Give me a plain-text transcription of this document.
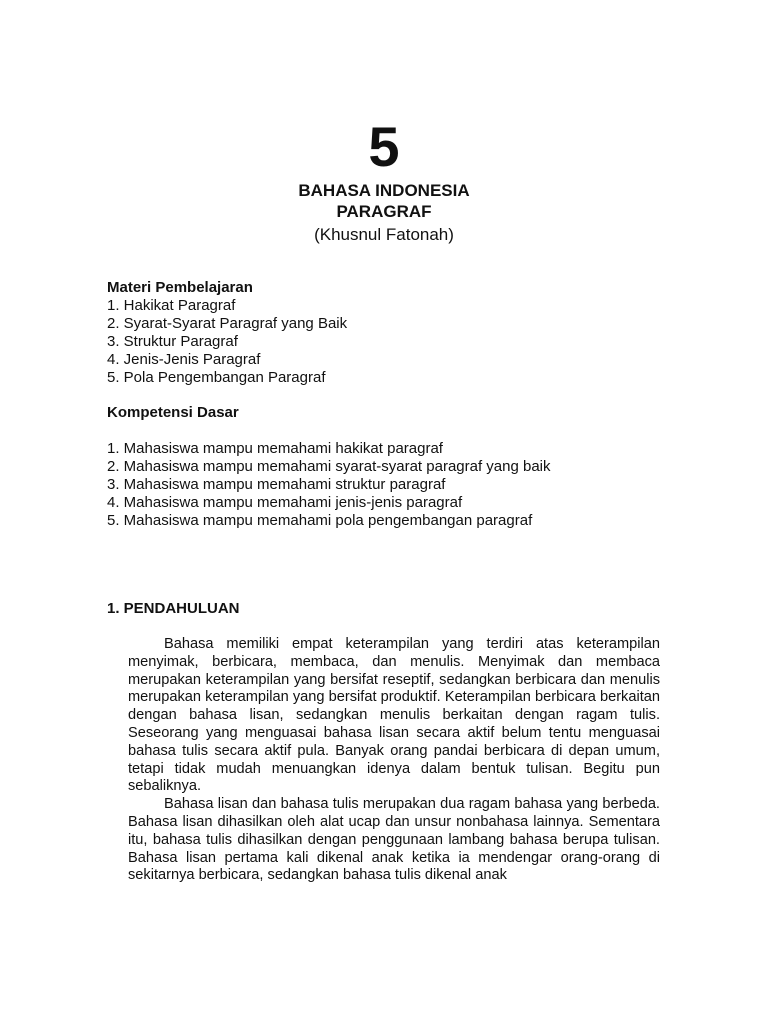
5
BAHASA INDONESIA
PARAGRAF
(Khusnul Fatonah)
Materi Pembelajaran
1. Hakikat Paragraf
2. Syarat-Syarat Paragraf yang Baik
3. Struktur Paragraf
4. Jenis-Jenis Paragraf
5. Pola Pengembangan Paragraf
Kompetensi Dasar
1. Mahasiswa mampu memahami hakikat paragraf
2. Mahasiswa mampu memahami syarat-syarat paragraf yang baik
3. Mahasiswa mampu memahami struktur paragraf
4. Mahasiswa mampu memahami jenis-jenis paragraf
5. Mahasiswa mampu memahami pola pengembangan paragraf
1. PENDAHULUAN

Bahasa memiliki empat keterampilan yang terdiri atas keterampilan menyimak, berbicara, membaca, dan menulis. Menyimak dan membaca merupakan keterampilan yang bersifat reseptif, sedangkan berbicara dan menulis merupakan keterampilan yang bersifat produktif. Keterampilan berbicara berkaitan dengan bahasa lisan, sedangkan menulis berkaitan dengan ragam tulis. Seseorang yang menguasai bahasa lisan secara aktif belum tentu menguasai bahasa tulis secara aktif pula. Banyak orang pandai berbicara di depan umum, tetapi tidak mudah menuangkan idenya dalam bentuk tulisan. Begitu pun sebaliknya.

Bahasa lisan dan bahasa tulis merupakan dua ragam bahasa yang berbeda. Bahasa lisan dihasilkan oleh alat ucap dan unsur nonbahasa lainnya. Sementara itu, bahasa tulis dihasilkan dengan penggunaan lambang bahasa berupa tulisan. Bahasa lisan pertama kali dikenal anak ketika ia mendengar orang-orang di sekitarnya berbicara, sedangkan bahasa tulis dikenal anak
